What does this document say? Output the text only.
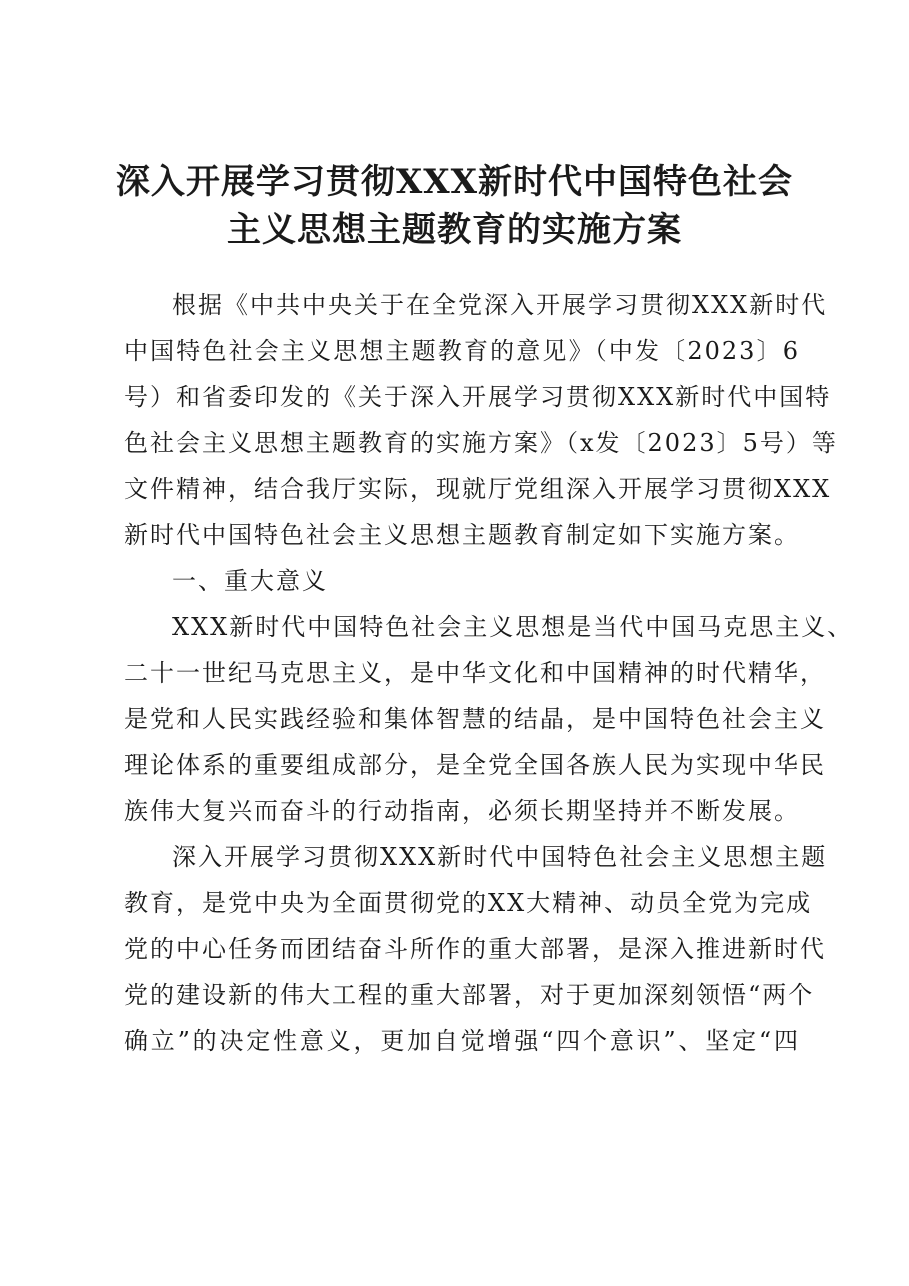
深入开展学习贯彻XXX新时代中国特色社会
主义思想主题教育的实施方案
根据《中共中央关于在全党深入开展学习贯彻XXX新时代
中国特色社会主义思想主题教育的意见》（中发〔2023〕6
号）和省委印发的《关于深入开展学习贯彻XXX新时代中国特
色社会主义思想主题教育的实施方案》（x发〔2023〕5号）等
文件精神，结合我厅实际，现就厅党组深入开展学习贯彻XXX
新时代中国特色社会主义思想主题教育制定如下实施方案。
一、重大意义
XXX新时代中国特色社会主义思想是当代中国马克思主义、
二十一世纪马克思主义，是中华文化和中国精神的时代精华，
是党和人民实践经验和集体智慧的结晶，是中国特色社会主义
理论体系的重要组成部分，是全党全国各族人民为实现中华民
族伟大复兴而奋斗的行动指南，必须长期坚持并不断发展。
深入开展学习贯彻XXX新时代中国特色社会主义思想主题
教育，是党中央为全面贯彻党的XX大精神、动员全党为完成
党的中心任务而团结奋斗所作的重大部署，是深入推进新时代
党的建设新的伟大工程的重大部署，对于更加深刻领悟“两个
确立”的决定性意义，更加自觉增强“四个意识”、坚定“四
